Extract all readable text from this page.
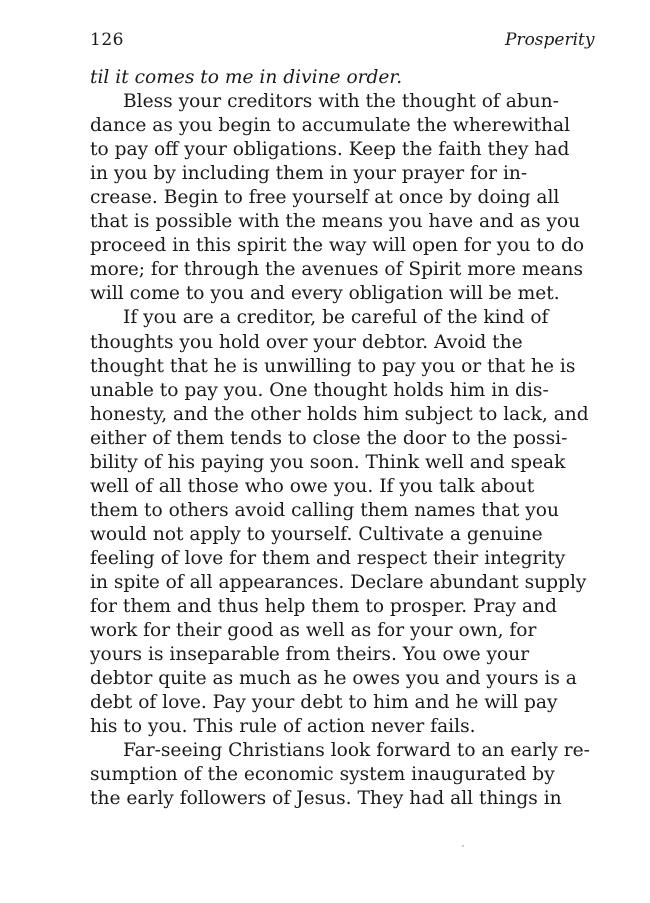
126	Prosperity
til it comes to me in divine order.
Bless your creditors with the thought of abun-
dance as you begin to accumulate the wherewithal
to pay off your obligations. Keep the faith they had
in you by including them in your prayer for in-
crease. Begin to free yourself at once by doing all
that is possible with the means you have and as you
proceed in this spirit the way will open for you to do
more; for through the avenues of Spirit more means
will come to you and every obligation will be met.
If you are a creditor, be careful of the kind of
thoughts you hold over your debtor. Avoid the
thought that he is unwilling to pay you or that he is
unable to pay you. One thought holds him in dis-
honesty, and the other holds him subject to lack, and
either of them tends to close the door to the possi-
bility of his paying you soon. Think well and speak
well of all those who owe you. If you talk about
them to others avoid calling them names that you
would not apply to yourself. Cultivate a genuine
feeling of love for them and respect their integrity
in spite of all appearances. Declare abundant supply
for them and thus help them to prosper. Pray and
work for their good as well as for your own, for
yours is inseparable from theirs. You owe your
debtor quite as much as he owes you and yours is a
debt of love. Pay your debt to him and he will pay
his to you. This rule of action never fails.
Far-seeing Christians look forward to an early re-
sumption of the economic system inaugurated by
the early followers of Jesus. They had all things in
